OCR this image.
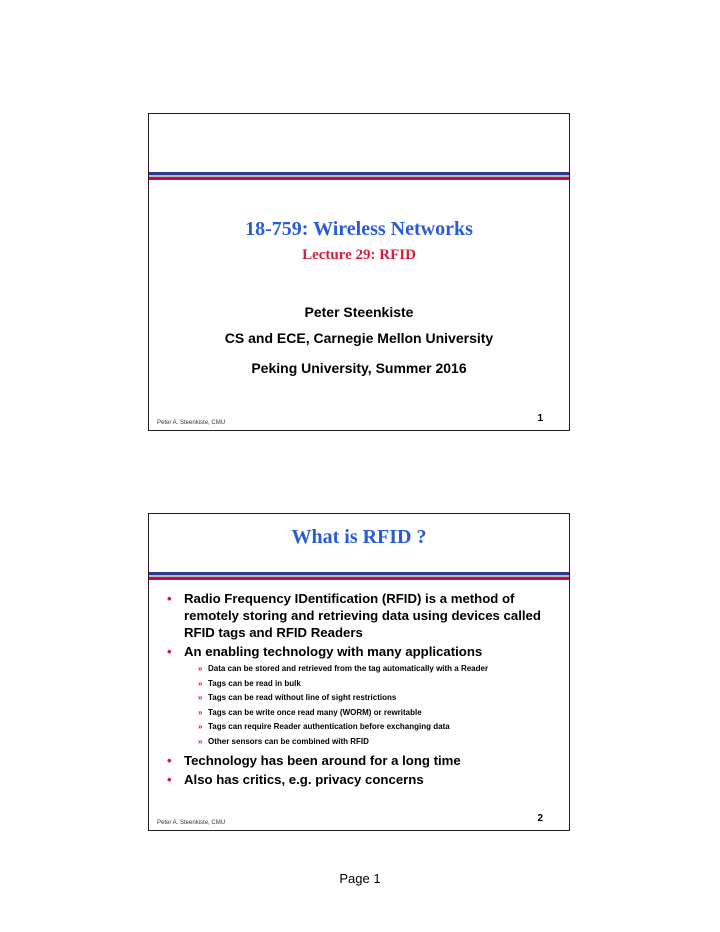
18-759: Wireless Networks
Lecture 29: RFID
Peter Steenkiste
CS and ECE, Carnegie Mellon University
Peking University, Summer 2016
Peter A. Steenkiste, CMU	1
What is RFID ?
• Radio Frequency IDentification (RFID) is a method of remotely storing and retrieving data using devices called RFID tags and RFID Readers
• An enabling technology with many applications
» Data can be stored and retrieved from the tag automatically with a Reader
» Tags can be read in bulk
» Tags can be read without line of sight restrictions
» Tags can be write once read many (WORM) or rewritable
» Tags can require Reader authentication before exchanging data
» Other sensors can be combined with RFID
• Technology has been around for a long time
• Also has critics, e.g. privacy concerns
Peter A. Steenkiste, CMU	2
Page 1
